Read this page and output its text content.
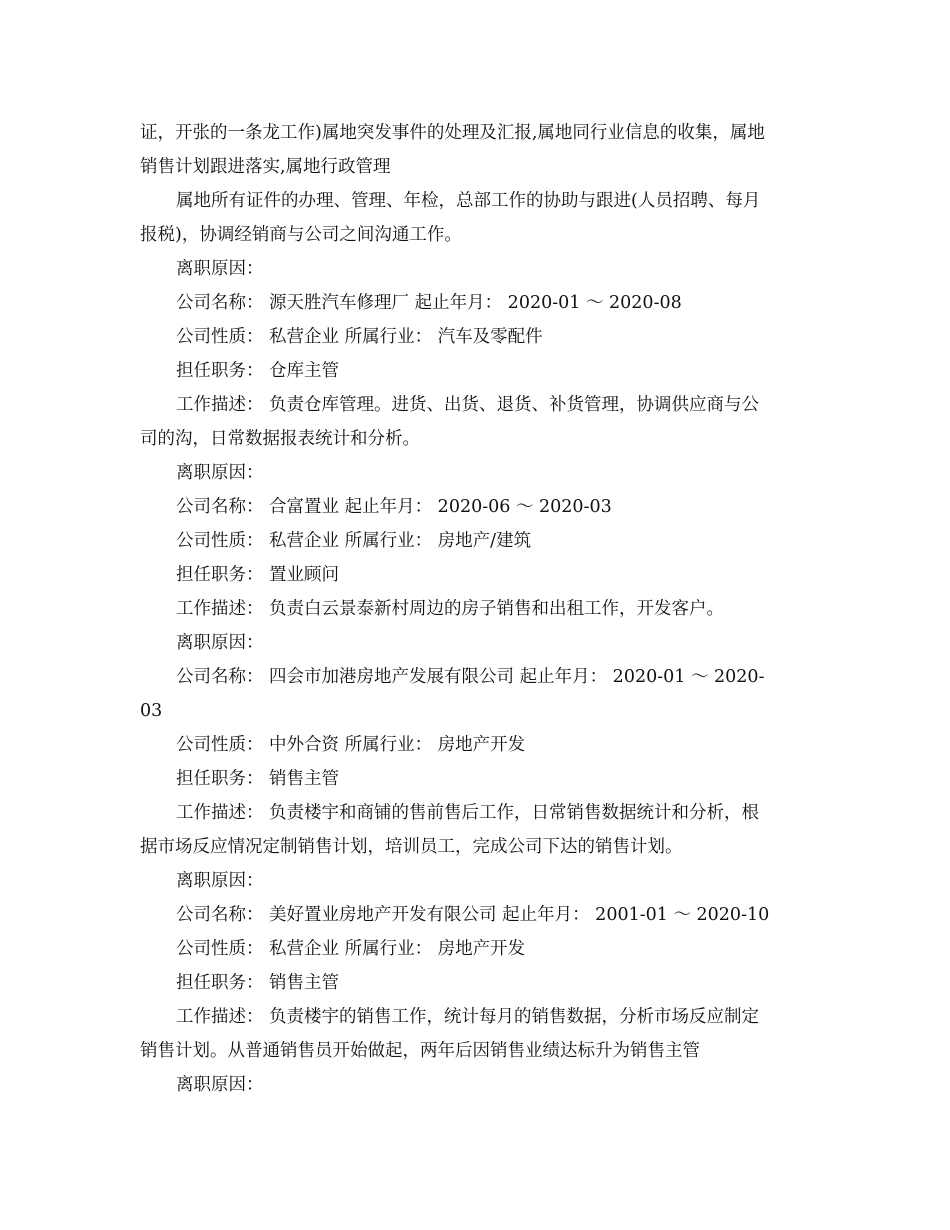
证，开张的一条龙工作)属地突发事件的处理及汇报,属地同行业信息的收集，属地
销售计划跟进落实,属地行政管理
属地所有证件的办理、管理、年检，总部工作的协助与跟进(人员招聘、每月
报税)，协调经销商与公司之间沟通工作。
离职原因：
公司名称： 源天胜汽车修理厂 起止年月： 2020-01 ～ 2020-08
公司性质： 私营企业 所属行业： 汽车及零配件
担任职务： 仓库主管
工作描述： 负责仓库管理。进货、出货、退货、补货管理，协调供应商与公
司的沟，日常数据报表统计和分析。
离职原因：
公司名称： 合富置业 起止年月： 2020-06 ～ 2020-03
公司性质： 私营企业 所属行业： 房地产/建筑
担任职务： 置业顾问
工作描述： 负责白云景泰新村周边的房子销售和出租工作，开发客户。
离职原因：
公司名称： 四会市加港房地产发展有限公司 起止年月： 2020-01 ～ 2020-
03
公司性质： 中外合资 所属行业： 房地产开发
担任职务： 销售主管
工作描述： 负责楼宇和商铺的售前售后工作，日常销售数据统计和分析，根
据市场反应情况定制销售计划，培训员工，完成公司下达的销售计划。
离职原因：
公司名称： 美好置业房地产开发有限公司 起止年月： 2001-01 ～ 2020-10
公司性质： 私营企业 所属行业： 房地产开发
担任职务： 销售主管
工作描述： 负责楼宇的销售工作，统计每月的销售数据，分析市场反应制定
销售计划。从普通销售员开始做起，两年后因销售业绩达标升为销售主管
离职原因：
